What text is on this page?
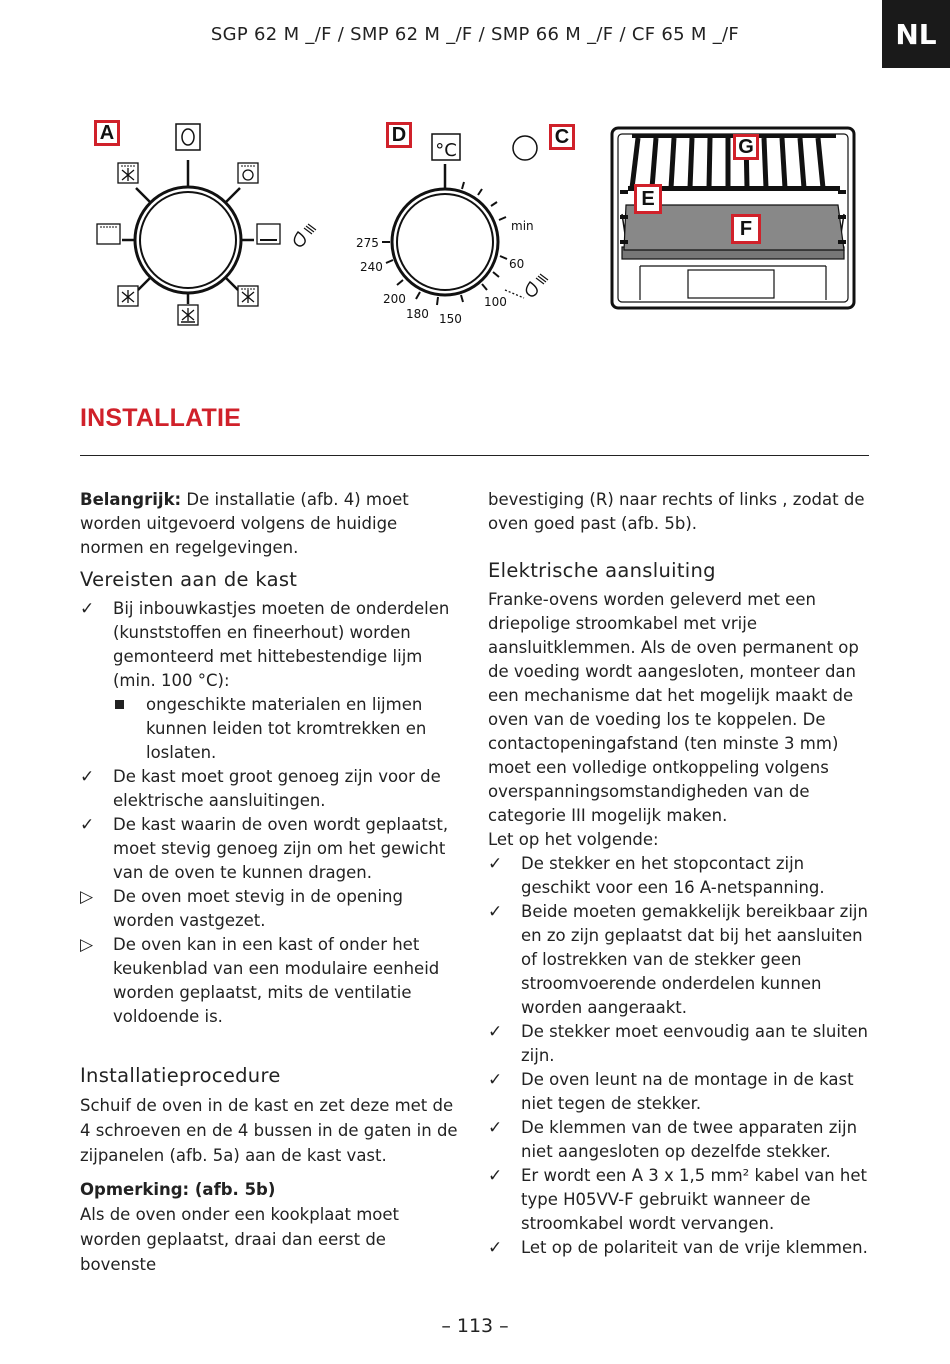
SGP 62 M _/F / SMP 62 M _/F / SMP 66 M _/F / CF 65 M _/F	NL
A
°C
275
240
200
180 150
100
60
min
D	C	G
E
F
INSTALLATIE

Belangrijk: De installatie (afb. 4) moet worden uitgevoerd volgens de huidige normen en regelgevingen.

Vereisten aan de kast

✓	Bij inbouwkastjes moeten de onderdelen (kunststoffen en fineerhout) worden gemonteerd met hittebestendige lijm (min. 100 °C):
ongeschikte materialen en lijmen kunnen leiden tot kromtrekken en loslaten.
✓	De kast moet groot genoeg zijn voor de elektrische aansluitingen.
✓	De kast waarin de oven wordt geplaatst, moet stevig genoeg zijn om het gewicht van de oven te kunnen dragen.
▷	De oven moet stevig in de opening worden vastgezet.
▷	De oven kan in een kast of onder het keukenblad van een modulaire eenheid worden geplaatst, mits de ventilatie voldoende is.

Installatieprocedure

Schuif de oven in de kast en zet deze met de 4 schroeven en de 4 bussen in de gaten in de zijpanelen (afb. 5a) aan de kast vast.

Opmerking: (afb. 5b)

Als de oven onder een kookplaat moet worden geplaatst, draai dan eerst de bovenste

bevestiging (R) naar rechts of links , zodat de oven goed past (afb. 5b).

Elektrische aansluiting

Franke-ovens worden geleverd met een driepolige stroomkabel met vrije aansluitklemmen. Als de oven permanent op de voeding wordt aangesloten, monteer dan een mechanisme dat het mogelijk maakt de oven van de voeding los te koppelen. De contactopeningafstand (ten minste 3 mm) moet een volledige ontkoppeling volgens overspanningsomstandigheden van de categorie III mogelijk maken.

Let op het volgende:

✓	De stekker en het stopcontact zijn geschikt voor een 16 A-netspanning.
✓	Beide moeten gemakkelijk bereikbaar zijn en zo zijn geplaatst dat bij het aansluiten of lostrekken van de stekker geen stroomvoerende onderdelen kunnen worden aangeraakt.
✓	De stekker moet eenvoudig aan te sluiten zijn.
✓	De oven leunt na de montage in de kast niet tegen de stekker.
✓	De klemmen van de twee apparaten zijn niet aangesloten op dezelfde stekker.
✓	Er wordt een A 3 x 1,5 mm² kabel van het type H05VV-F gebruikt wanneer de stroomkabel wordt vervangen.
✓	Let op de polariteit van de vrije klemmen.
– 113 –
